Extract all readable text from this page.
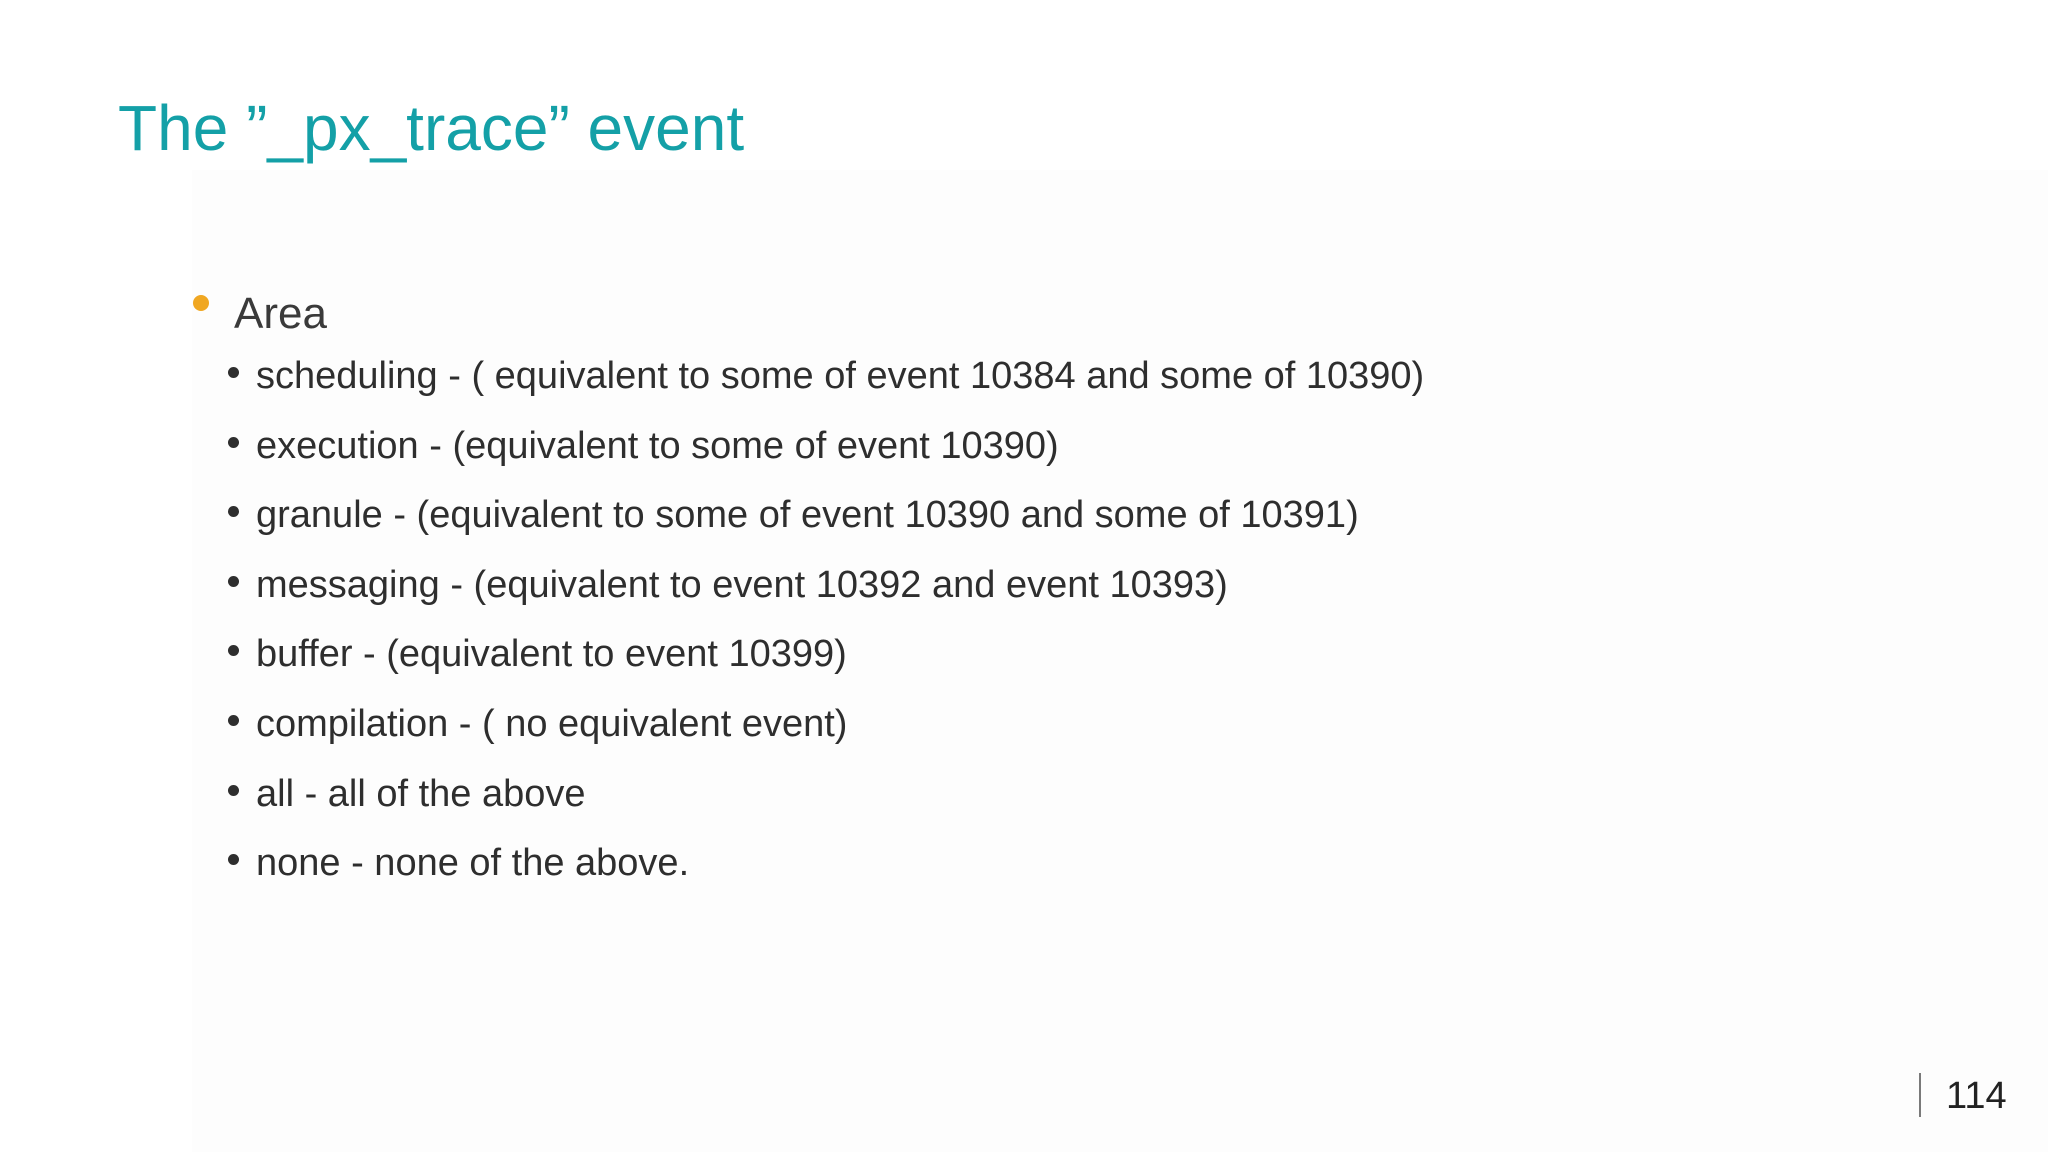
The ”_px_trace” event
Area
scheduling - ( equivalent to some of event 10384 and some of 10390)
execution - (equivalent to some of event 10390)
granule - (equivalent to some of event 10390 and some of 10391)
messaging - (equivalent to event 10392 and event 10393)
buffer - (equivalent to event 10399)
compilation - ( no equivalent event)
all - all of the above
none - none of the above.
114
